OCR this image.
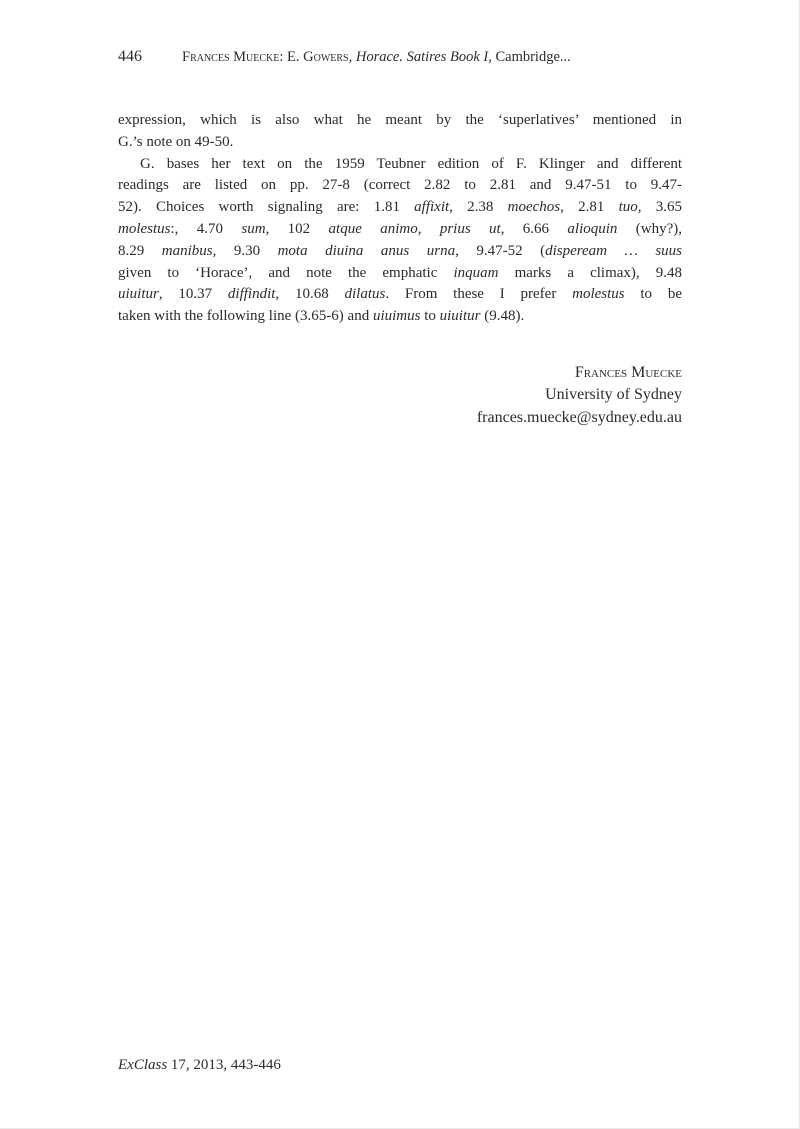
446	Frances Muecke: E. Gowers, Horace. Satires Book I, Cambridge...
expression, which is also what he meant by the ‘superlatives’ mentioned in
G.’s note on 49-50.
G. bases her text on the 1959 Teubner edition of F. Klinger and different
readings are listed on pp. 27-8 (correct 2.82 to 2.81 and 9.47-51 to 9.47-
52). Choices worth signaling are: 1.81 affixit, 2.38 moechos, 2.81 tuo, 3.65
molestus:, 4.70 sum, 102 atque animo, prius ut, 6.66 alioquin (why?),
8.29 manibus, 9.30 mota diuina anus urna, 9.47-52 (dispeream … suus
given to ‘Horace’, and note the emphatic inquam marks a climax), 9.48
uiuitur, 10.37 diffindit, 10.68 dilatus. From these I prefer molestus to be
taken with the following line (3.65-6) and uiuimus to uiuitur (9.48).
Frances Muecke
University of Sydney
frances.muecke@sydney.edu.au
ExClass 17, 2013, 443-446
